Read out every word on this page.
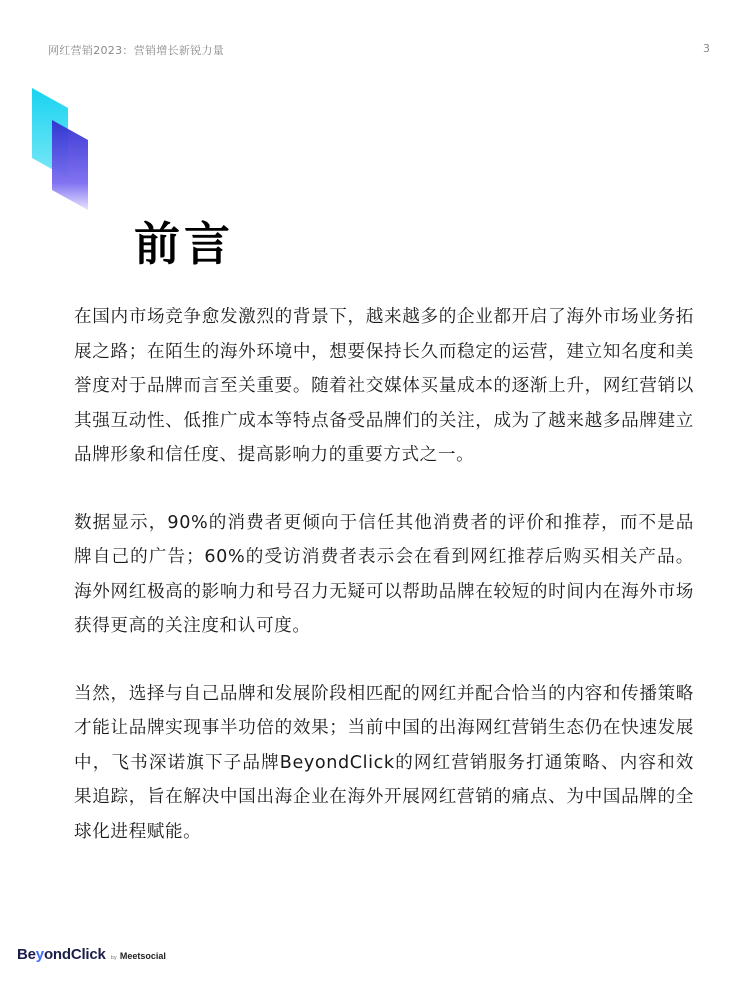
网红营销2023：营销增长新锐力量	3
前言

在国内市场竞争愈发激烈的背景下，越来越多的企业都开启了海外市场业务拓展之路；在陌生的海外环境中，想要保持长久而稳定的运营，建立知名度和美誉度对于品牌而言至关重要。随着社交媒体买量成本的逐渐上升，网红营销以其强互动性、低推广成本等特点备受品牌们的关注，成为了越来越多品牌建立品牌形象和信任度、提高影响力的重要方式之一。

数据显示，90%的消费者更倾向于信任其他消费者的评价和推荐，而不是品牌自己的广告；60%的受访消费者表示会在看到网红推荐后购买相关产品。海外网红极高的影响力和号召力无疑可以帮助品牌在较短的时间内在海外市场获得更高的关注度和认可度。

当然，选择与自己品牌和发展阶段相匹配的网红并配合恰当的内容和传播策略才能让品牌实现事半功倍的效果；当前中国的出海网红营销生态仍在快速发展中，飞书深诺旗下子品牌BeyondClick的网红营销服务打通策略、内容和效果追踪，旨在解决中国出海企业在海外开展网红营销的痛点、为中国品牌的全球化进程赋能。

BeyondClick by Meetsocial
